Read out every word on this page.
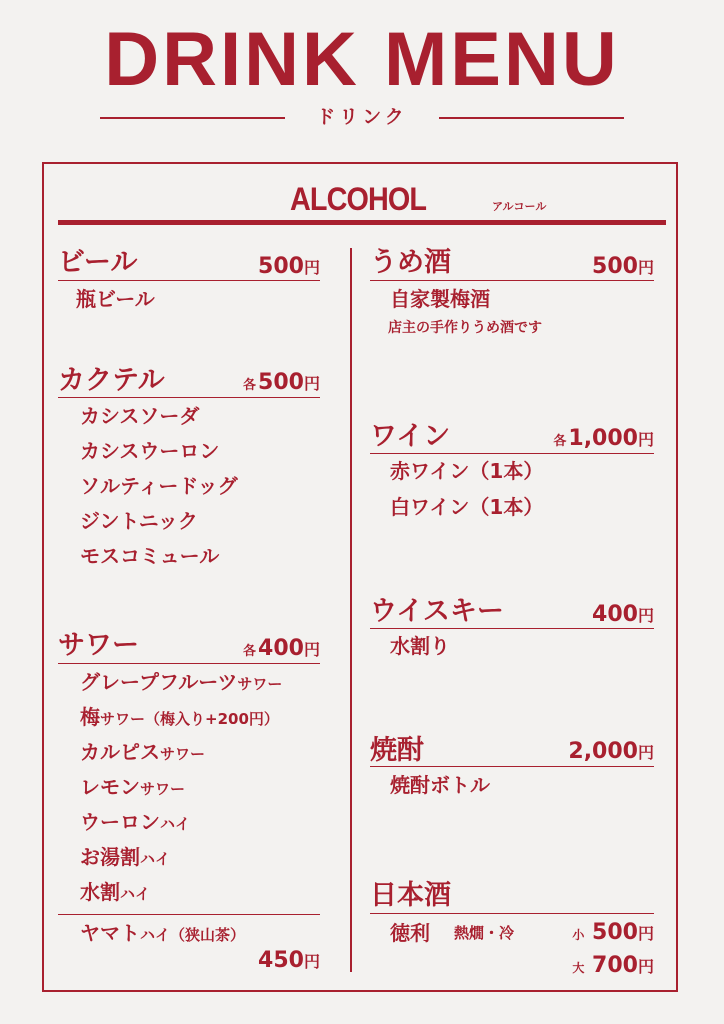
DRINK MENU
ドリンク
ALCOHOL	アルコール
ビール	500円
瓶ビール
カクテル	各500円
カシスソーダ
カシスウーロン
ソルティードッグ
ジントニック
モスコミュール
サワー	各400円
グレープフルーツサワー
梅サワー（梅入り+200円）
カルピスサワー
レモンサワー
ウーロンハイ
お湯割ハイ
水割ハイ
ヤマトハイ（狭山茶）
450円
うめ酒	500円
自家製梅酒
店主の手作りうめ酒です
ワイン	各1,000円
赤ワイン（1本）
白ワイン（1本）
ウイスキー	400円
水割り
焼酎	2,000円
焼酎ボトル
日本酒
徳利 熱燗・冷	小 500円
大 700円
